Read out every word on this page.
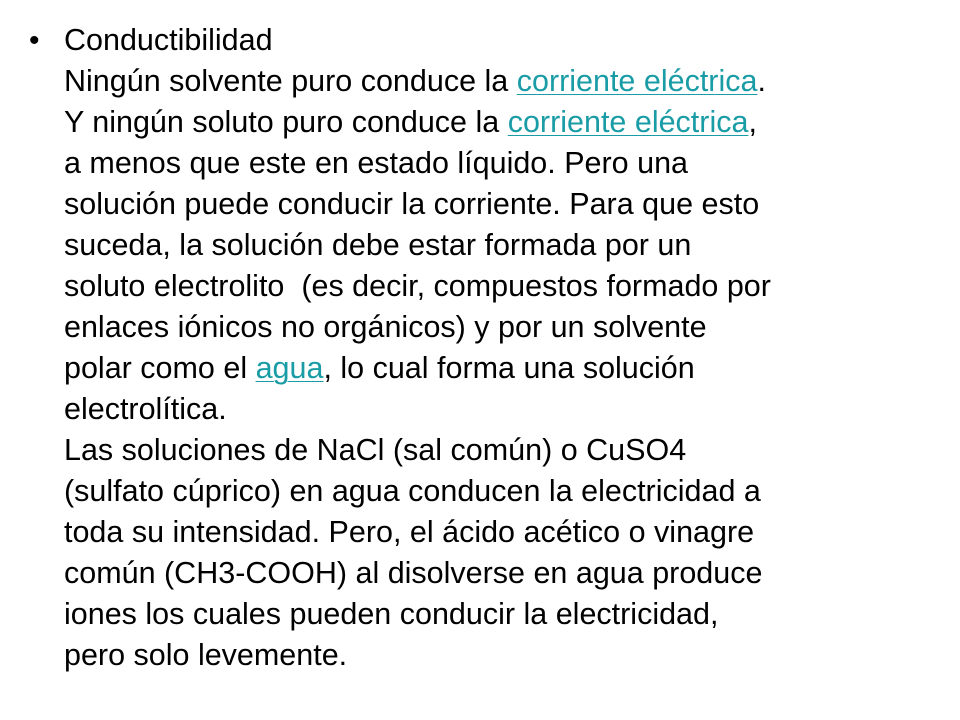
• Conductibilidad
Ningún solvente puro conduce la corriente eléctrica.
Y ningún soluto puro conduce la corriente eléctrica,
a menos que este en estado líquido. Pero una
solución puede conducir la corriente. Para que esto
suceda, la solución debe estar formada por un
soluto electrolito  (es decir, compuestos formado por
enlaces iónicos no orgánicos) y por un solvente
polar como el agua, lo cual forma una solución
electrolítica.
Las soluciones de NaCl (sal común) o CuSO4
(sulfato cúprico) en agua conducen la electricidad a
toda su intensidad. Pero, el ácido acético o vinagre
común (CH3-COOH) al disolverse en agua produce
iones los cuales pueden conducir la electricidad,
pero solo levemente.
